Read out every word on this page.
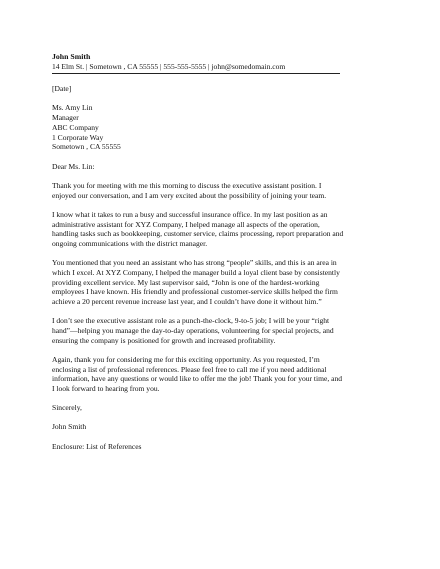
John Smith
14 Elm St. | Sometown , CA 55555 | 555-555-5555 | john@somedomain.com
[Date]
Ms. Amy Lin
Manager
ABC Company
1 Corporate Way
Sometown , CA 55555
Dear Ms. Lin:
Thank you for meeting with me this morning to discuss the executive assistant position. I
enjoyed our conversation, and I am very excited about the possibility of joining your team.
I know what it takes to run a busy and successful insurance office. In my last position as an
administrative assistant for XYZ Company, I helped manage all aspects of the operation,
handling tasks such as bookkeeping, customer service, claims processing, report preparation and
ongoing communications with the district manager.
You mentioned that you need an assistant who has strong “people” skills, and this is an area in
which I excel. At XYZ Company, I helped the manager build a loyal client base by consistently
providing excellent service. My last supervisor said, “John is one of the hardest-working
employees I have known. His friendly and professional customer-service skills helped the firm
achieve a 20 percent revenue increase last year, and I couldn’t have done it without him.”
I don’t see the executive assistant role as a punch-the-clock, 9-to-5 job; I will be your “right
hand”—helping you manage the day-to-day operations, volunteering for special projects, and
ensuring the company is positioned for growth and increased profitability.
Again, thank you for considering me for this exciting opportunity. As you requested, I’m
enclosing a list of professional references. Please feel free to call me if you need additional
information, have any questions or would like to offer me the job! Thank you for your time, and
I look forward to hearing from you.
Sincerely,
John Smith
Enclosure: List of References
